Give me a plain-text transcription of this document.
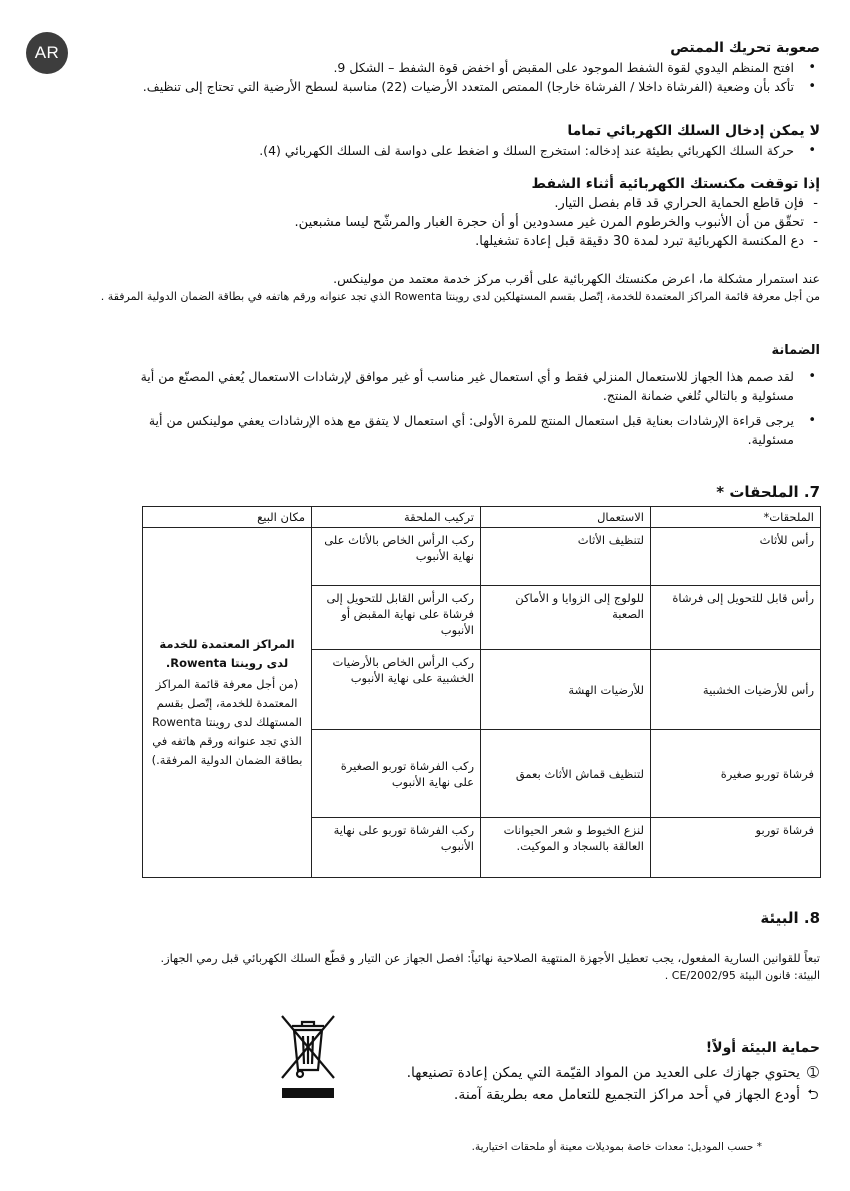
AR	صعوبة تحريك الممتص
• افتح المنظم اليدوي لقوة الشفط الموجود على المقبض أو اخفض قوة الشفط – الشكل 9.
• تأكد بأن وضعية (الفرشاة داخلا / الفرشاة خارجا) الممتص المتعدد الأرضيات (22) مناسبة لسطح الأرضية التي تحتاج إلى تنظيف.
لا يمكن إدخال السلك الكهربائي تماما
• حركة السلك الكهربائي بطيئة عند إدخاله: استخرج السلك و اضغط على دواسة لف السلك الكهربائي (4).
إذا توقفت مكنستك الكهربائية أثناء الشفط
- فإن قاطع الحماية الحراري قد قام بفصل التيار.
- تحقّق من أن الأنبوب والخرطوم المرن غير مسدودين أو أن حجرة الغبار والمرشّح ليسا مشبعين.
- دع المكنسة الكهربائية تبرد لمدة 30 دقيقة قبل إعادة تشغيلها.

عند استمرار مشكلة ما، اعرض مكنستك الكهربائية على أقرب مركز خدمة معتمد من مولينكس.

من أجل معرفة قائمة المراكز المعتمدة للخدمة، إتّصل بقسم المستهلكين لدى روينتا Rowenta الذي تجد عنوانه ورقم هاتفه في بطاقة الضمان الدولية المرفقة .

الضمانة
• لقد صمم هذا الجهاز للاستعمال المنزلي فقط و أي استعمال غير مناسب أو غير موافق لإرشادات الاستعمال يُعفي المصنّع من أية مسئولية و بالتالي تُلغي ضمانة المنتج.
• يرجى قراءة الإرشادات بعناية قبل استعمال المنتج للمرة الأولى: أي استعمال لا يتفق مع هذه الإرشادات يعفي مولينكس من أية مسئولية.
7. الملحقات *
الملحقات*	الاستعمال	تركيب الملحقة	مكان البيع
رأس للأثاث	لتنظيف الأثاث	ركب الرأس الخاص بالأثاث على نهاية الأنبوب	المراكز المعتمدة للخدمة لدى روينتا Rowenta.
(من أجل معرفة قائمة المراكز المعتمدة للخدمة، إتّصل بقسم المستهلك لدى روينتا Rowenta الذي تجد عنوانه ورقم هاتفه في بطاقة الضمان الدولية المرفقة.)

رأس قابل للتحويل إلى فرشاة	للولوج إلى الزوايا و الأماكن الصعبة	ركب الرأس القابل للتحويل إلى فرشاة على نهاية المقبض أو الأنبوب	
رأس للأرضيات الخشبية	للأرضيات الهشة	ركب الرأس الخاص بالأرضيات الخشبية على نهاية الأنبوب	
فرشاة توربو صغيرة	لتنظيف قماش الأثاث بعمق	ركب الفرشاة توربو الصغيرة على نهاية الأنبوب	
فرشاة توربو	لنزع الخيوط و شعر الحيوانات العالقة بالسجاد و الموكيت.	ركب الفرشاة توربو على نهاية الأنبوب	
8. البيئة

تبعاً للقوانين السارية المفعول، يجب تعطيل الأجهزة المنتهية الصلاحية نهائياً: افصل الجهاز عن التيار و قطّع السلك الكهربائي قبل رمي الجهاز.

البيئة: قانون البيئة 2002/95/CE .

حماية البيئة أولاً!
➀يحتوي جهازك على العديد من المواد القيّمة التي يمكن إعادة تصنيعها.
⮌أودع الجهاز في أحد مراكز التجميع للتعامل معه بطريقة آمنة.
* حسب الموديل: معدات خاصة بموديلات معينة أو ملحقات اختيارية.
